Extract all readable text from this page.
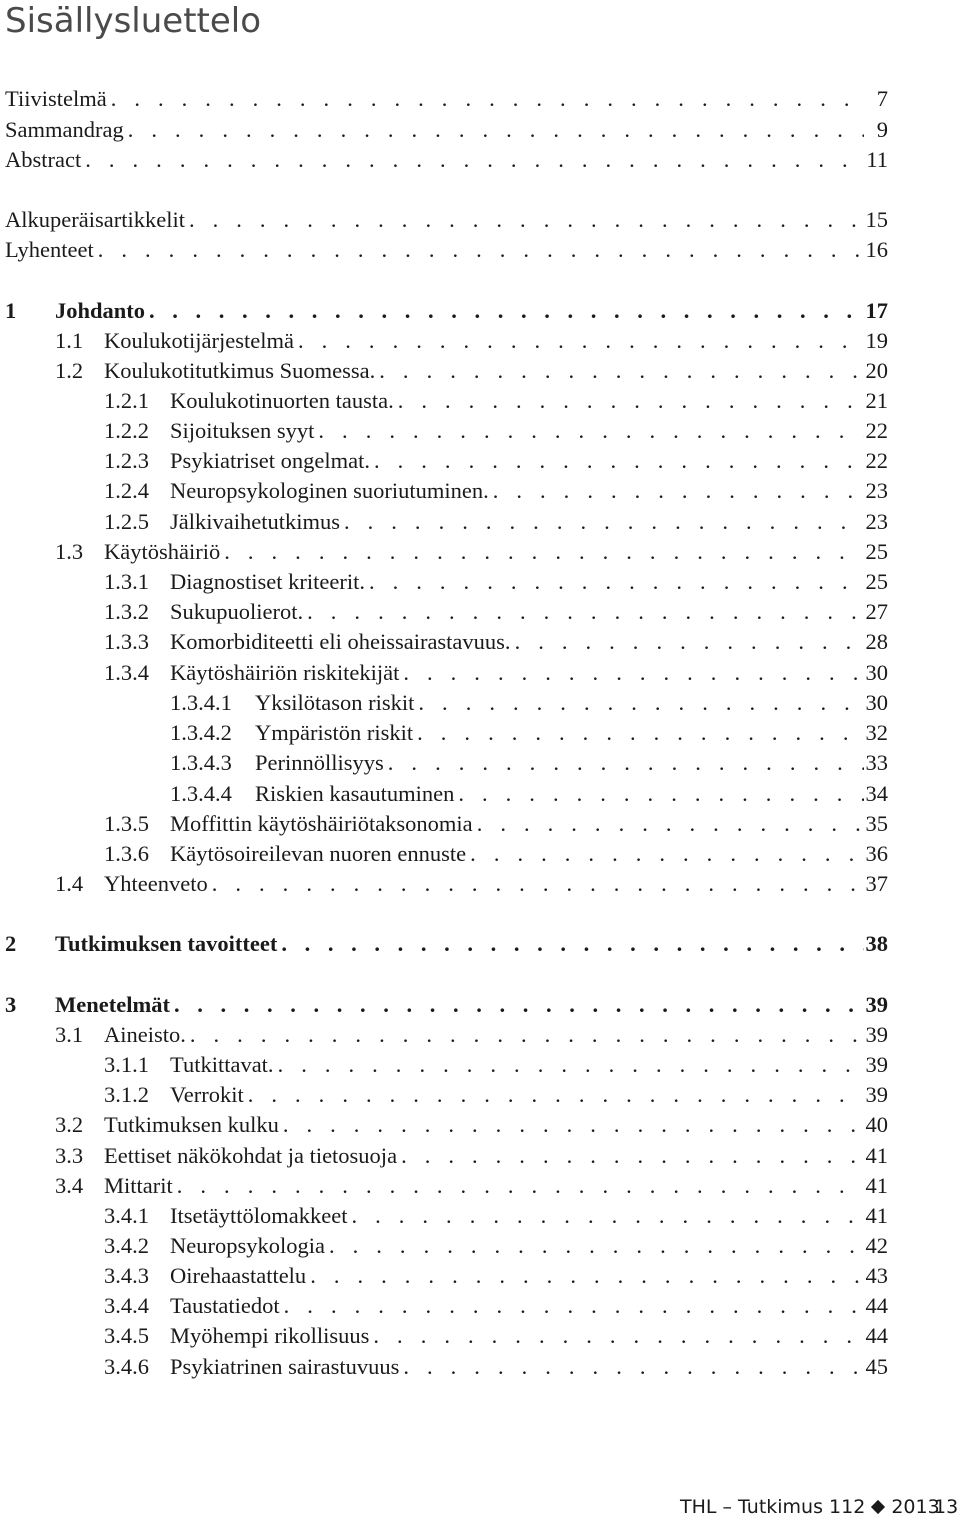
Sisällysluettelo
Tiivistelmä . . .	7
Sammandrag . . .	9
Abstract . . .	11
Alkuperäisartikkelit . . .	15
Lyhenteet . . .	16
1	Johdanto . . .	17
1.1 Koulukotijärjestelmä . . .	19
1.2 Koulukotitutkimus Suomessa. . . .	20
1.2.1 Koulukotinuorten tausta. . . .	21
1.2.2 Sijoituksen syyt . . .	22
1.2.3 Psykiatriset ongelmat. . . .	22
1.2.4 Neuropsykologinen suoriutuminen. . . .	23
1.2.5 Jälkivaihetutkimus . . .	23
1.3 Käytöshäiriö . . .	25
1.3.1 Diagnostiset kriteerit. . . .	25
1.3.2 Sukupuolierot. . . .	27
1.3.3 Komorbiditeetti eli oheissairastavuus. . . .	28
1.3.4 Käytöshäiriön riskitekijät . . .	30
1.3.4.1	Yksilötason riskit . . .	30
1.3.4.2	Ympäristön riskit . . .	32
1.3.4.3	Perinnöllisyys . . .	33
1.3.4.4	Riskien kasautuminen . . .	34
1.3.5 Moffittin käytöshäiriötaksonomia . . .	35
1.3.6 Käytösoireilevan nuoren ennuste . . .	36
1.4 Yhteenveto . . .	37
2	Tutkimuksen tavoitteet . . .	38
3	Menetelmät . . .	39
3.1 Aineisto. . . .	39
3.1.1 Tutkittavat. . . .	39
3.1.2 Verrokit . . .	39
3.2 Tutkimuksen kulku . . .	40
3.3 Eettiset näkökohdat ja tietosuoja . . .	41
3.4 Mittarit . . .	41
3.4.1 Itsetäyttölomakkeet . . .	41
3.4.2 Neuropsykologia . . .	42
3.4.3 Oirehaastattelu . . .	43
3.4.4 Taustatiedot . . .	44
3.4.5 Myöhempi rikollisuus . . .	44
3.4.6 Psykiatrinen sairastuvuus . . .	45
THL – Tutkimus 112 2013
13
